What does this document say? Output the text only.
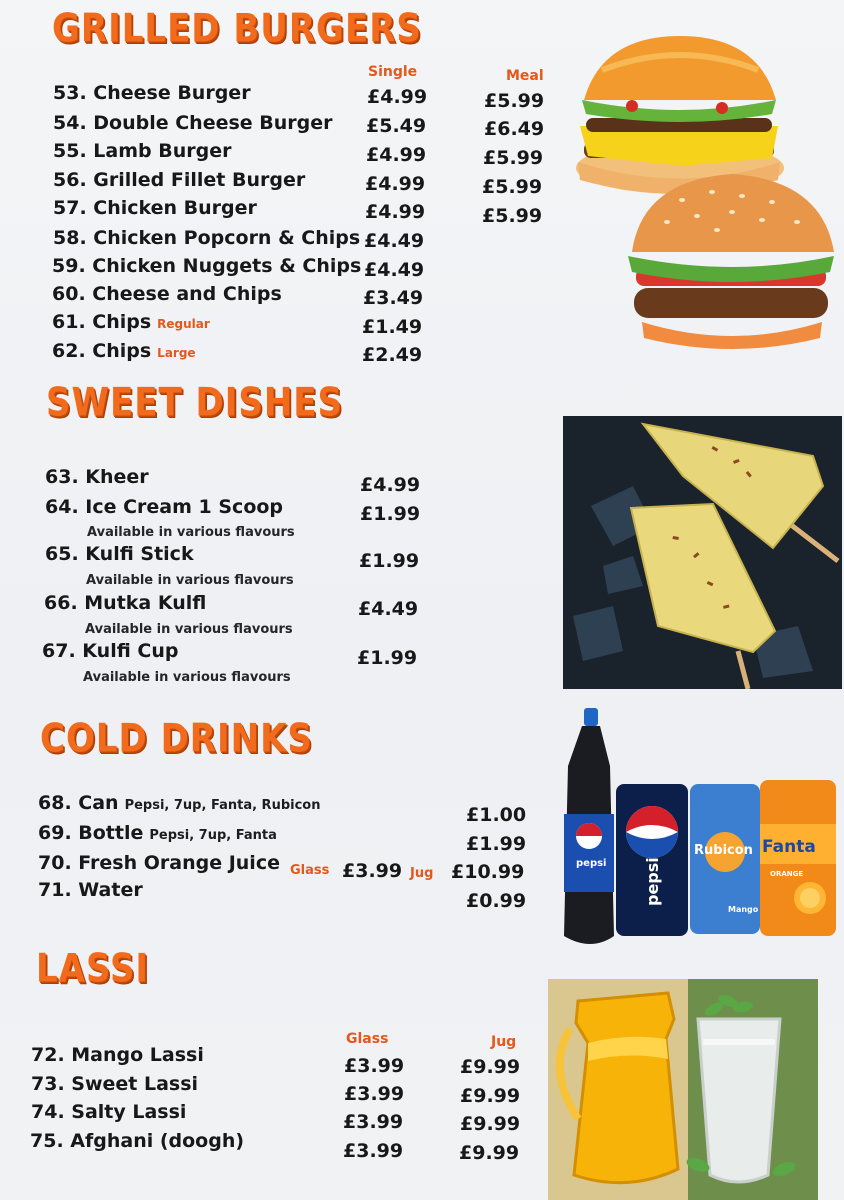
GRILLED BURGERS
Single	Meal
53. Cheese Burger	£4.99	£5.99
54. Double Cheese Burger £5.49	£6.49
55. Lamb Burger	£4.99	£5.99
56. Grilled Fillet Burger	£4.99	£5.99
57. Chicken Burger	£4.99	£5.99
58. Chicken Popcorn & Chips £4.49
59. Chicken Nuggets & Chips £4.49
60. Cheese and Chips	£3.49
61. Chips Regular	£1.49
62. Chips Large	£2.49
SWEET DISHES
63. Kheer	£4.99
64. Ice Cream 1 Scoop	£1.99
Available in various flavours
65. Kulfi Stick	£1.99
Available in various flavours
66. Mutka Kulfl	£4.49
Available in various flavours
67. Kulfi Cup	£1.99
Available in various flavours
COLD DRINKS
68. Can Pepsi, 7up, Fanta, Rubicon	£1.00
69. Bottle Pepsi, 7up, Fanta	£1.99
70. Fresh Orange Juice Glass £3.99 Jug £10.99
71. Water	£0.99
pepsi pepsi
Rubicon
Mango
Fanta
ORANGE
LASSI
Glass	Jug
72. Mango Lassi	£3.99	£9.99
73. Sweet Lassi	£3.99	£9.99
74. Salty Lassi	£3.99	£9.99
75. Afghani (doogh)	£3.99	£9.99
